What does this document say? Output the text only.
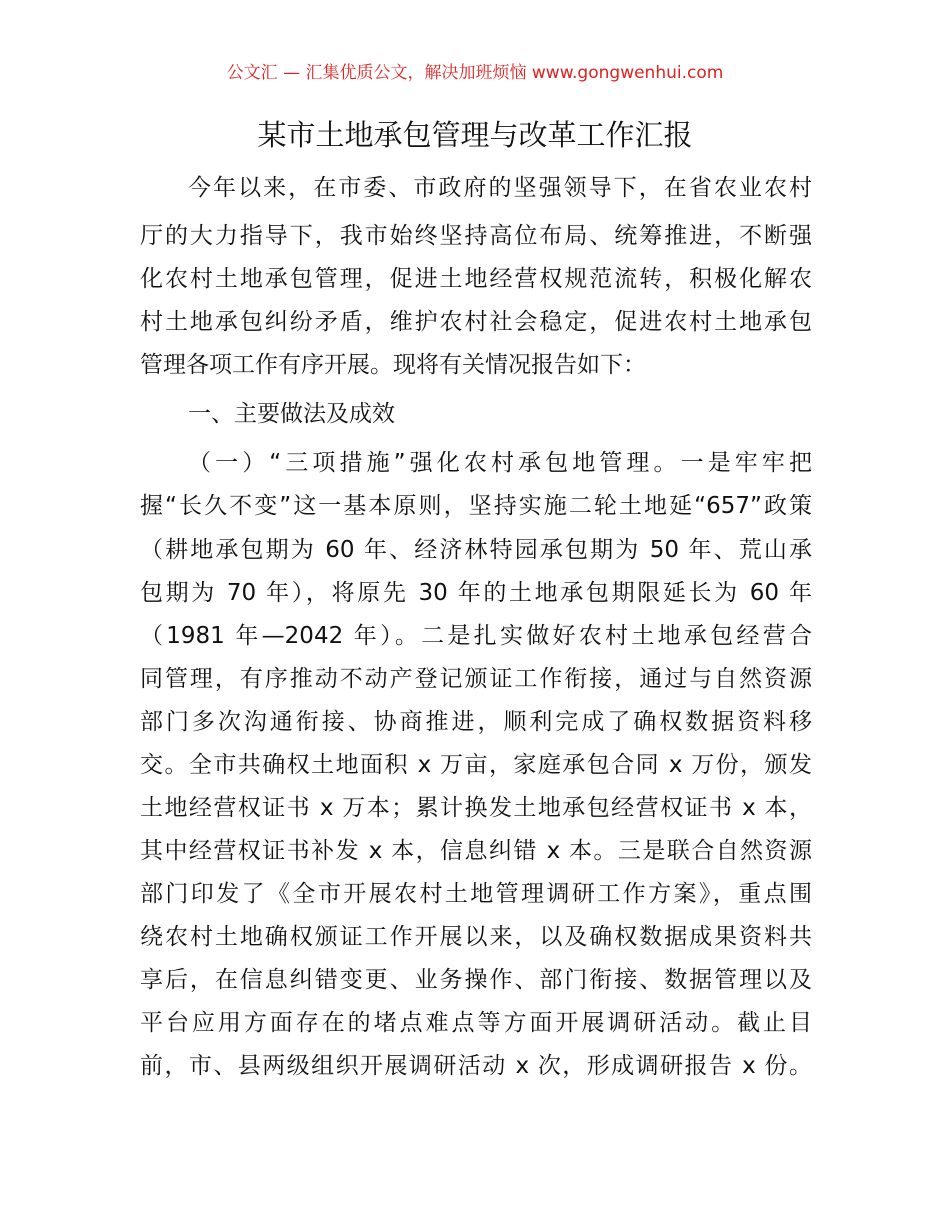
公文汇 — 汇集优质公文，解决加班烦恼 www.gongwenhui.com
某市土地承包管理与改革工作汇报
今年以来，在市委、市政府的坚强领导下，在省农业农村
厅的大力指导下，我市始终坚持高位布局、统筹推进，不断强
化农村土地承包管理，促进土地经营权规范流转，积极化解农
村土地承包纠纷矛盾，维护农村社会稳定，促进农村土地承包
管理各项工作有序开展。现将有关情况报告如下：
一、主要做法及成效
（一）“三项措施”强化农村承包地管理。一是牢牢把
握“长久不变”这一基本原则，坚持实施二轮土地延“657”政策
（耕地承包期为 60 年、经济林特园承包期为 50 年、荒山承
包期为 70 年），将原先 30 年的土地承包期限延长为 60 年
（1981 年—2042 年）。二是扎实做好农村土地承包经营合
同管理，有序推动不动产登记颁证工作衔接，通过与自然资源
部门多次沟通衔接、协商推进，顺利完成了确权数据资料移
交。全市共确权土地面积 x 万亩，家庭承包合同 x 万份，颁发
土地经营权证书 x 万本；累计换发土地承包经营权证书 x 本，
其中经营权证书补发 x 本，信息纠错 x 本。三是联合自然资源
部门印发了《全市开展农村土地管理调研工作方案》，重点围
绕农村土地确权颁证工作开展以来，以及确权数据成果资料共
享后，在信息纠错变更、业务操作、部门衔接、数据管理以及
平台应用方面存在的堵点难点等方面开展调研活动。截止目
前，市、县两级组织开展调研活动 x 次，形成调研报告 x 份。
